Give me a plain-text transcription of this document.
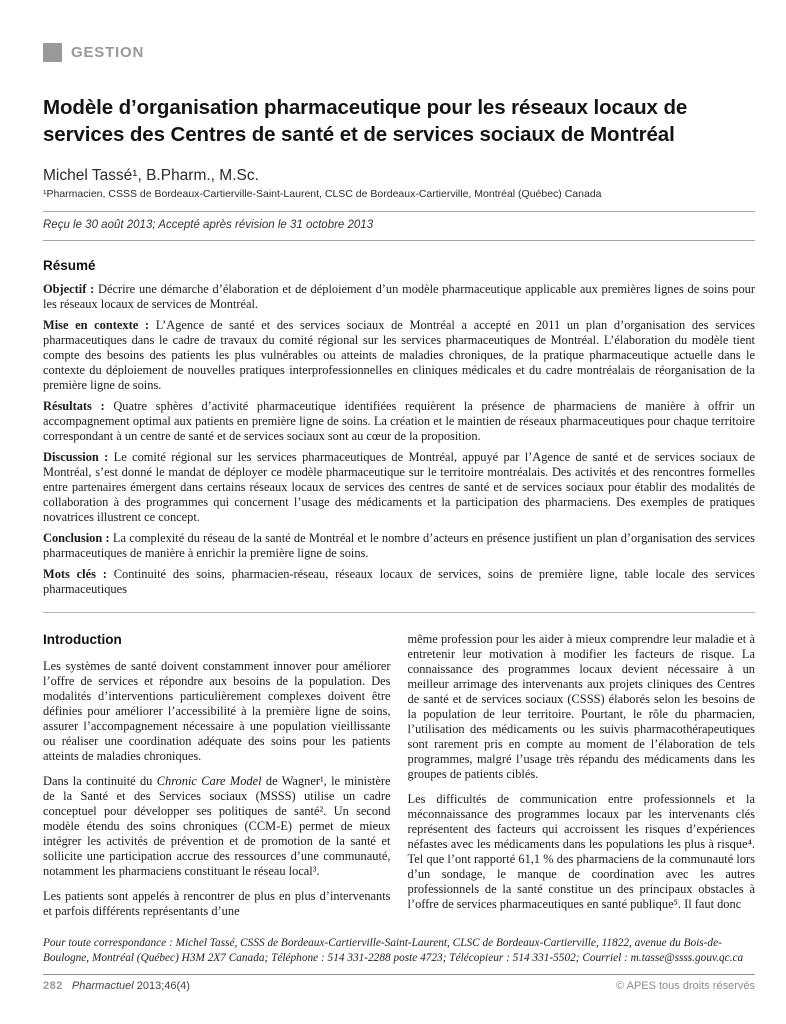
GESTION
Modèle d’organisation pharmaceutique pour les réseaux locaux de services des Centres de santé et de services sociaux de Montréal
Michel Tassé¹, B.Pharm., M.Sc.
¹Pharmacien, CSSS de Bordeaux-Cartierville-Saint-Laurent, CLSC de Bordeaux-Cartierville, Montréal (Québec) Canada
Reçu le 30 août 2013; Accepté après révision le 31 octobre 2013
Résumé

Objectif : Décrire une démarche d’élaboration et de déploiement d’un modèle pharmaceutique applicable aux premières lignes de soins pour les réseaux locaux de services de Montréal.

Mise en contexte : L’Agence de santé et des services sociaux de Montréal a accepté en 2011 un plan d’organisation des services pharmaceutiques dans le cadre de travaux du comité régional sur les services pharmaceutiques de Montréal. L’élaboration du modèle tient compte des besoins des patients les plus vulnérables ou atteints de maladies chroniques, de la pratique pharmaceutique actuelle dans le contexte du déploiement de nouvelles pratiques interprofessionnelles en cliniques médicales et du cadre montréalais de réorganisation de la première ligne de soins.

Résultats : Quatre sphères d’activité pharmaceutique identifiées requièrent la présence de pharmaciens de manière à offrir un accompagnement optimal aux patients en première ligne de soins. La création et le maintien de réseaux pharmaceutiques pour chaque territoire correspondant à un centre de santé et de services sociaux sont au cœur de la proposition.

Discussion : Le comité régional sur les services pharmaceutiques de Montréal, appuyé par l’Agence de santé et de services sociaux de Montréal, s’est donné le mandat de déployer ce modèle pharmaceutique sur le territoire montréalais. Des activités et des rencontres formelles entre partenaires émergent dans certains réseaux locaux de services des centres de santé et de services sociaux pour établir des modalités de collaboration à des programmes qui concernent l’usage des médicaments et la participation des pharmaciens. Des exemples de pratiques novatrices illustrent ce concept.

Conclusion : La complexité du réseau de la santé de Montréal et le nombre d’acteurs en présence justifient un plan d’organisation des services pharmaceutiques de manière à enrichir la première ligne de soins.

Mots clés : Continuité des soins, pharmacien-réseau, réseaux locaux de services, soins de première ligne, table locale des services pharmaceutiques

Introduction

Les systèmes de santé doivent constamment innover pour améliorer l’offre de services et répondre aux besoins de la population. Des modalités d’interventions particulièrement complexes doivent être définies pour améliorer l’accessibilité à la première ligne de soins, assurer l’accompagnement nécessaire à une population vieillissante ou réaliser une coordination adéquate des soins pour les patients atteints de maladies chroniques.

Dans la continuité du Chronic Care Model de Wagner¹, le ministère de la Santé et des Services sociaux (MSSS) utilise un cadre conceptuel pour développer ses politiques de santé². Un second modèle étendu des soins chroniques (CCM-E) permet de mieux intégrer les activités de prévention et de promotion de la santé et sollicite une participation accrue des ressources d’une communauté, notamment les pharmaciens constituant le réseau local³.

Les patients sont appelés à rencontrer de plus en plus d’intervenants et parfois différents représentants d’une

même profession pour les aider à mieux comprendre leur maladie et à entretenir leur motivation à modifier les facteurs de risque. La connaissance des programmes locaux devient nécessaire à un meilleur arrimage des intervenants aux projets cliniques des Centres de santé et de services sociaux (CSSS) élaborés selon les besoins de la population de leur territoire. Pourtant, le rôle du pharmacien, l’utilisation des médicaments ou les suivis pharmacothérapeutiques sont rarement pris en compte au moment de l’élaboration de tels programmes, malgré l’usage très répandu des médicaments dans les groupes de patients ciblés.

Les difficultés de communication entre professionnels et la méconnaissance des programmes locaux par les intervenants clés représentent des facteurs qui accroissent les risques d’expériences néfastes avec les médicaments dans les populations les plus à risque⁴. Tel que l’ont rapporté 61,1 % des pharmaciens de la communauté lors d’un sondage, le manque de coordination avec les autres professionnels de la santé constitue un des principaux obstacles à l’offre de services pharmaceutiques en santé publique⁵. Il faut donc

Pour toute correspondance : Michel Tassé, CSSS de Bordeaux-Cartierville-Saint-Laurent, CLSC de Bordeaux-Cartierville, 11822, avenue du Bois-de-Boulogne, Montréal (Québec) H3M 2X7 Canada; Téléphone : 514 331-2288 poste 4723; Télécopieur : 514 331-5502; Courriel : m.tasse@ssss.gouv.qc.ca
282 Pharmactuel 2013;46(4)	© APES tous droits réservés
